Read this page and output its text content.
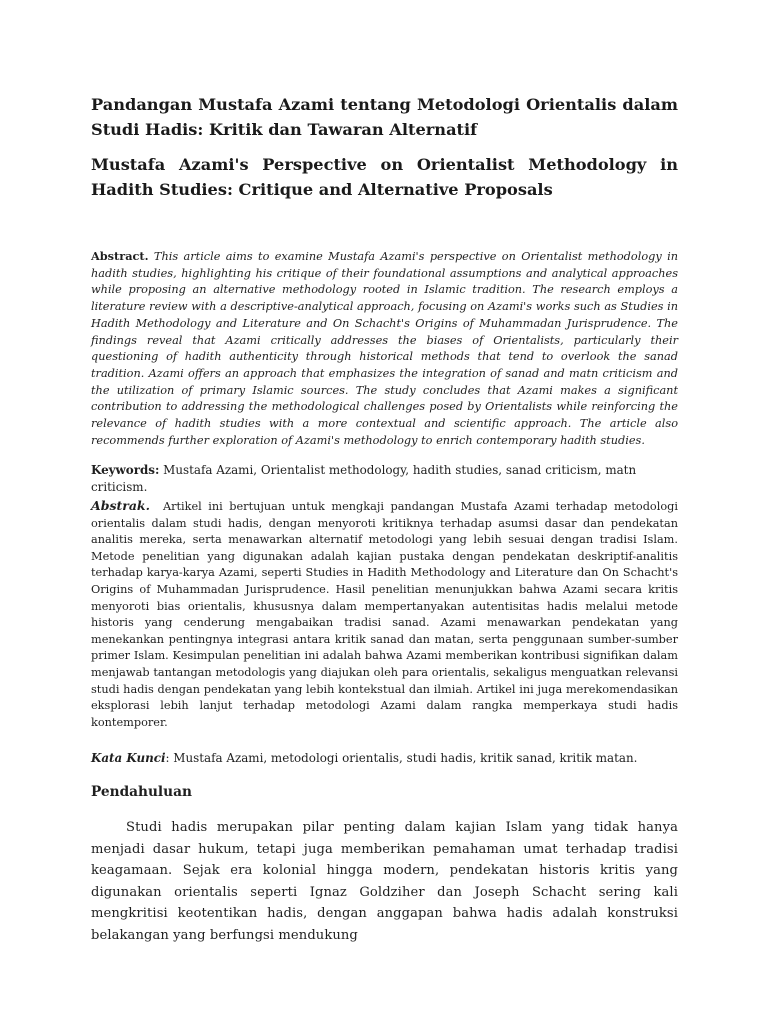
Pandangan Mustafa Azami tentang Metodologi Orientalis dalam Studi Hadis: Kritik dan Tawaran Alternatif
Mustafa Azami's Perspective on Orientalist Methodology in Hadith Studies: Critique and Alternative Proposals

Abstract. This article aims to examine Mustafa Azami's perspective on Orientalist methodology in hadith studies, highlighting his critique of their foundational assumptions and analytical approaches while proposing an alternative methodology rooted in Islamic tradition. The research employs a literature review with a descriptive-analytical approach, focusing on Azami's works such as Studies in Hadith Methodology and Literature and On Schacht's Origins of Muhammadan Jurisprudence. The findings reveal that Azami critically addresses the biases of Orientalists, particularly their questioning of hadith authenticity through historical methods that tend to overlook the sanad tradition. Azami offers an approach that emphasizes the integration of sanad and matn criticism and the utilization of primary Islamic sources. The study concludes that Azami makes a significant contribution to addressing the methodological challenges posed by Orientalists while reinforcing the relevance of hadith studies with a more contextual and scientific approach. The article also recommends further exploration of Azami's methodology to enrich contemporary hadith studies.

Keywords: Mustafa Azami, Orientalist methodology, hadith studies, sanad criticism, matn criticism.

Abstrak. Artikel ini bertujuan untuk mengkaji pandangan Mustafa Azami terhadap metodologi orientalis dalam studi hadis, dengan menyoroti kritiknya terhadap asumsi dasar dan pendekatan analitis mereka, serta menawarkan alternatif metodologi yang lebih sesuai dengan tradisi Islam. Metode penelitian yang digunakan adalah kajian pustaka dengan pendekatan deskriptif-analitis terhadap karya-karya Azami, seperti Studies in Hadith Methodology and Literature dan On Schacht's Origins of Muhammadan Jurisprudence. Hasil penelitian menunjukkan bahwa Azami secara kritis menyoroti bias orientalis, khususnya dalam mempertanyakan autentisitas hadis melalui metode historis yang cenderung mengabaikan tradisi sanad. Azami menawarkan pendekatan yang menekankan pentingnya integrasi antara kritik sanad dan matan, serta penggunaan sumber-sumber primer Islam. Kesimpulan penelitian ini adalah bahwa Azami memberikan kontribusi signifikan dalam menjawab tantangan metodologis yang diajukan oleh para orientalis, sekaligus menguatkan relevansi studi hadis dengan pendekatan yang lebih kontekstual dan ilmiah. Artikel ini juga merekomendasikan eksplorasi lebih lanjut terhadap metodologi Azami dalam rangka memperkaya studi hadis kontemporer.

Kata Kunci: Mustafa Azami, metodologi orientalis, studi hadis, kritik sanad, kritik matan.

Pendahuluan

Studi hadis merupakan pilar penting dalam kajian Islam yang tidak hanya menjadi dasar hukum, tetapi juga memberikan pemahaman umat terhadap tradisi keagamaan. Sejak era kolonial hingga modern, pendekatan historis kritis yang digunakan orientalis seperti Ignaz Goldziher dan Joseph Schacht sering kali mengkritisi keotentikan hadis, dengan anggapan bahwa hadis adalah konstruksi belakangan yang berfungsi mendukung
